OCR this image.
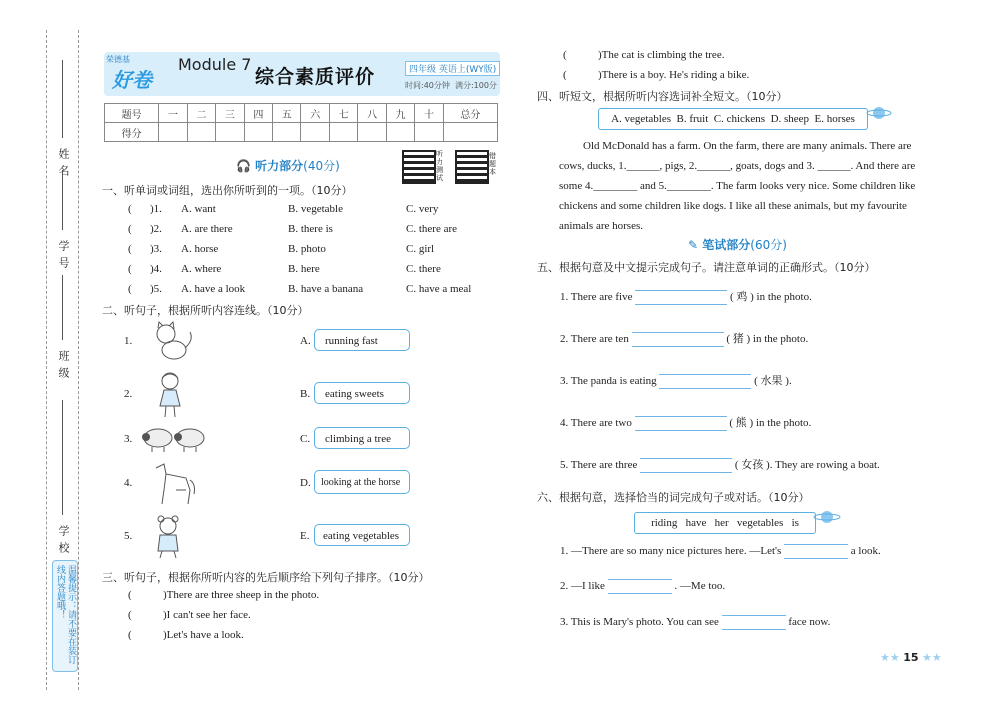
姓名
学号
班级
学校
温馨提示：请不要在装订线内答题哦！
荣德基
好卷
Module 7
综合素质评价	四年级 英语上(WY版)
时间:40分钟 满分:100分
题号	一	二	三	四	五	六	七	八	九	十	总分
得分											
🎧 听力部分(40分)
听力测试
错题本
一、听单词或词组，选出你所听到的一项。（10分）
( )1. A. want	B. vegetable	C. very
( )2. A. are there	B. there is	C. there are
( )3. A. horse	B. photo	C. girl
( )4. A. where	B. here	C. there
( )5. A. have a look	B. have a banana	C. have a meal
二、听句子，根据所听内容连线。（10分）
1.
2.
3.
4.
5.
A.
B.
C.
D.
E.
running fast
eating sweets
climbing a tree
looking at the horse
eating vegetables
三、听句子，根据你所听内容的先后顺序给下列句子排序。（10分）
(	)There are three sheep in the photo.
(	)I can't see her face.
(	)Let's have a look.
(	)The cat is climbing the tree.
(	)There is a boy. He's riding a bike.
四、听短文，根据所听内容选词补全短文。（10分）
A. vegetables  B. fruit  C. chickens  D. sheep  E. horses
Old McDonald has a farm. On the farm, there are many animals. There are
cows, ducks, 1.______, pigs, 2.______, goats, dogs and 3. ______. And there are
some 4.________ and 5.________. The farm looks very nice. Some children like
chickens and some children like dogs. I like all these animals, but my favourite
animals are horses.
✎ 笔试部分(60分)
五、根据句意及中文提示完成句子。请注意单词的正确形式。（10分）
1. There are five	( 鸡 ) in the photo.
2. There are ten	( 猪 ) in the photo.
3. The panda is eating	( 水果 ).
4. There are two	( 熊 ) in the photo.
5. There are three	( 女孩 ). They are rowing a boat.
六、根据句意，选择恰当的词完成句子或对话。（10分）
riding   have   her   vegetables   is
1. —There are so many nice pictures here. —Let's	a look.
2. —I like	. —Me too.
3. This is Mary's photo. You can see	face now.
★★ 15 ★★
